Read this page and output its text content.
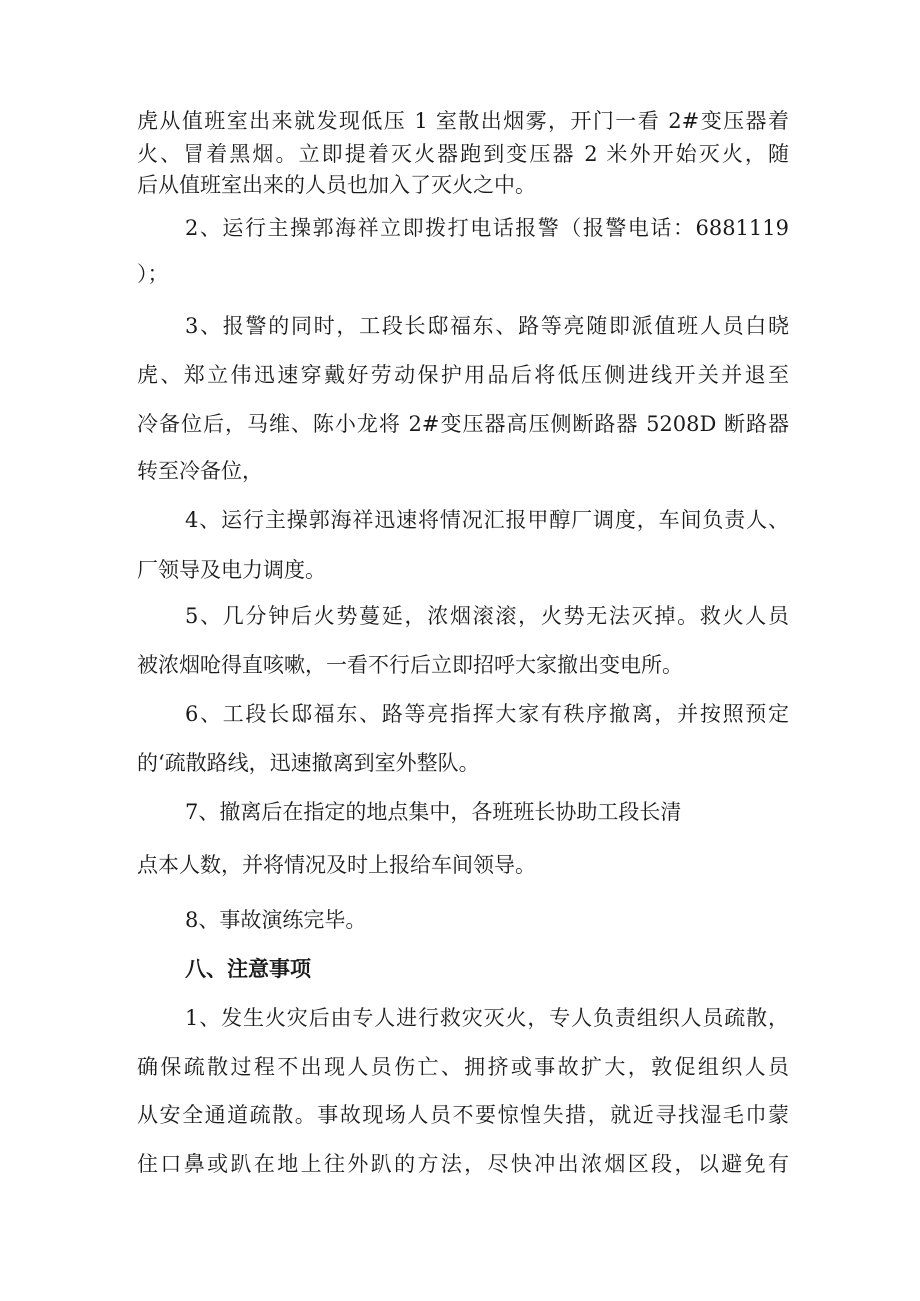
虎从值班室出来就发现低压 1 室散出烟雾，开门一看 2#变压器着
火、冒着黑烟。立即提着灭火器跑到变压器 2 米外开始灭火，随
后从值班室出来的人员也加入了灭火之中。
2、运行主操郭海祥立即拨打电话报警（报警电话：6881119
）；
3、报警的同时，工段长邸福东、路等亮随即派值班人员白晓
虎、郑立伟迅速穿戴好劳动保护用品后将低压侧进线开关并退至
冷备位后，马维、陈小龙将 2#变压器高压侧断路器 5208D 断路器
转至冷备位，
4、运行主操郭海祥迅速将情况汇报甲醇厂调度，车间负责人、
厂领导及电力调度。
5、几分钟后火势蔓延，浓烟滚滚，火势无法灭掉。救火人员
被浓烟呛得直咳嗽，一看不行后立即招呼大家撤出变电所。
6、工段长邸福东、路等亮指挥大家有秩序撤离，并按照预定
的‘疏散路线，迅速撤离到室外整队。
7、撤离后在指定的地点集中，各班班长协助工段长清
点本人数，并将情况及时上报给车间领导。
8、事故演练完毕。
八、注意事项
1、发生火灾后由专人进行救灾灭火，专人负责组织人员疏散，
确保疏散过程不出现人员伤亡、拥挤或事故扩大，敦促组织人员
从安全通道疏散。事故现场人员不要惊惶失措，就近寻找湿毛巾蒙
住口鼻或趴在地上往外趴的方法，尽快冲出浓烟区段，以避免有
